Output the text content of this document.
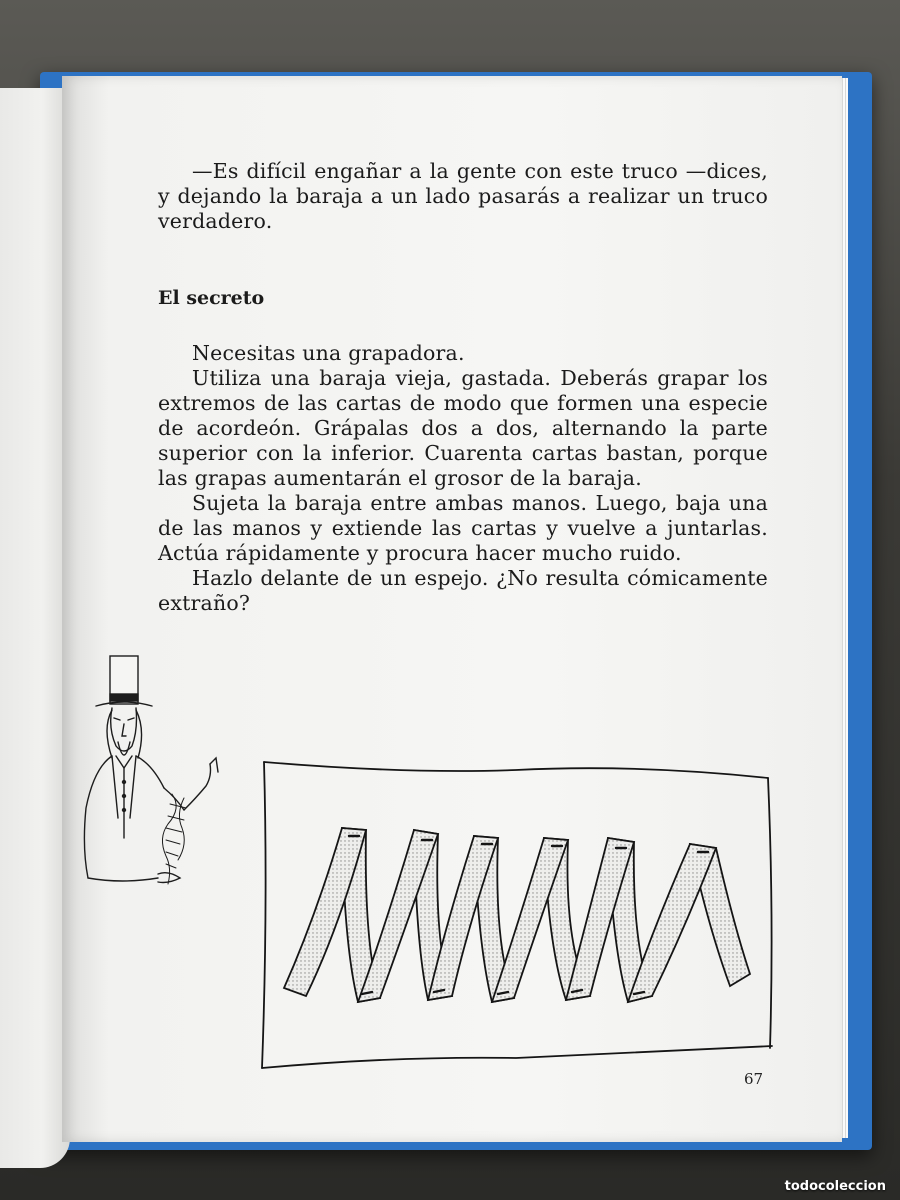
—Es difícil engañar a la gente con este truco —dices,
y dejando la baraja a un lado pasarás a realizar un truco
verdadero.
El secreto
Necesitas una grapadora.
Utiliza una baraja vieja, gastada. Deberás grapar los
extremos de las cartas de modo que formen una especie
de acordeón. Grápalas dos a dos, alternando la parte
superior con la inferior. Cuarenta cartas bastan, porque
las grapas aumentarán el grosor de la baraja.
Sujeta la baraja entre ambas manos. Luego, baja una
de las manos y extiende las cartas y vuelve a juntarlas.
Actúa rápidamente y procura hacer mucho ruido.
Hazlo delante de un espejo. ¿No resulta cómicamente
extraño?
67
todocoleccion
